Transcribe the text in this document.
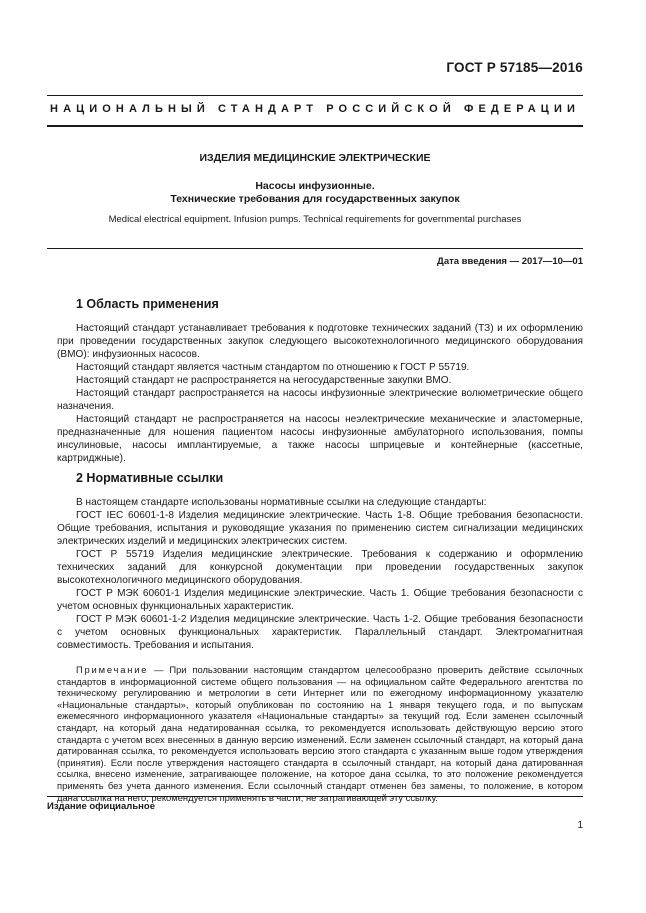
ГОСТ Р 57185—2016
НАЦИОНАЛЬНЫЙ СТАНДАРТ РОССИЙСКОЙ ФЕДЕРАЦИИ
ИЗДЕЛИЯ МЕДИЦИНСКИЕ ЭЛЕКТРИЧЕСКИЕ
Насосы инфузионные.
Технические требования для государственных закупок
Medical electrical equipment. Infusion pumps. Technical requirements for governmental purchases
Дата введения — 2017—10—01
1 Область применения

Настоящий стандарт устанавливает требования к подготовке технических заданий (ТЗ) и их оформлению при проведении государственных закупок следующего высокотехнологичного медицинского оборудования (ВМО): инфузионных насосов.

Настоящий стандарт является частным стандартом по отношению к ГОСТ Р 55719.

Настоящий стандарт не распространяется на негосударственные закупки ВМО.

Настоящий стандарт распространяется на насосы инфузионные электрические волюметрические общего назначения.

Настоящий стандарт не распространяется на насосы неэлектрические механические и эластомерные, предназначенные для ношения пациентом насосы инфузионные амбулаторного использования, помпы инсулиновые, насосы имплантируемые, а также насосы шприцевые и контейнерные (кассетные, картриджные).

2 Нормативные ссылки

В настоящем стандарте использованы нормативные ссылки на следующие стандарты:

ГОСТ IEC 60601-1-8 Изделия медицинские электрические. Часть 1-8. Общие требования безопасности. Общие требования, испытания и руководящие указания по применению систем сигнализации медицинских электрических изделий и медицинских электрических систем.

ГОСТ Р 55719 Изделия медицинские электрические. Требования к содержанию и оформлению технических заданий для конкурсной документации при проведении государственных закупок высокотехнологичного медицинского оборудования.

ГОСТ Р МЭК 60601-1 Изделия медицинские электрические. Часть 1. Общие требования безопасности с учетом основных функциональных характеристик.

ГОСТ Р МЭК 60601-1-2 Изделия медицинские электрические. Часть 1-2. Общие требования безопасности с учетом основных функциональных характеристик. Параллельный стандарт. Электромагнитная совместимость. Требования и испытания.

Примечание — При пользовании настоящим стандартом целесообразно проверить действие ссылочных стандартов в информационной системе общего пользования — на официальном сайте Федерального агентства по техническому регулированию и метрологии в сети Интернет или по ежегодному информационному указателю «Национальные стандарты», который опубликован по состоянию на 1 января текущего года, и по выпускам ежемесячного информационного указателя «Национальные стандарты» за текущий год. Если заменен ссылочный стандарт, на который дана недатированная ссылка, то рекомендуется использовать действующую версию этого стандарта с учетом всех внесенных в данную версию изменений. Если заменен ссылочный стандарт, на который дана датированная ссылка, то рекомендуется использовать версию этого стандарта с указанным выше годом утверждения (принятия). Если после утверждения настоящего стандарта в ссылочный стандарт, на который дана датированная ссылка, внесено изменение, затрагивающее положение, на которое дана ссылка, то это положение рекомендуется применять без учета данного изменения. Если ссылочный стандарт отменен без замены, то положение, в котором дана ссылка на него, рекомендуется применять в части, не затрагивающей эту ссылку.
Издание официальное
1
